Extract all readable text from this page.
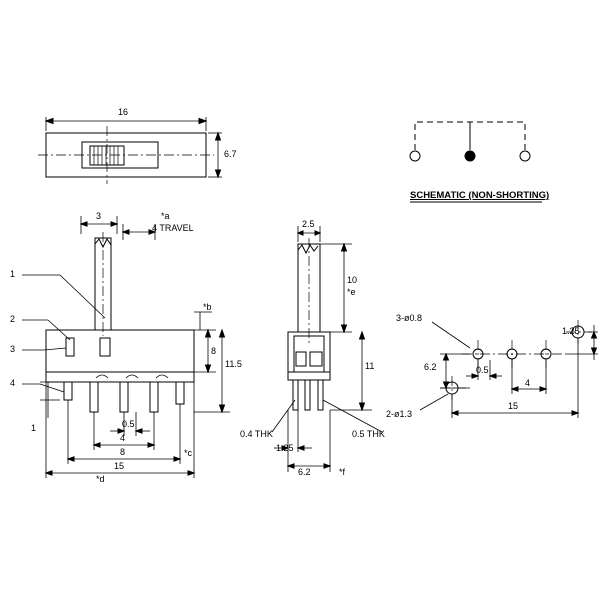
16
6.7
SCHEMATIC (NON-SHORTING)
3	*a
4 TRAVEL
1
2
3
4
*b
8
11.5
1	0.5
4
8	*c
15
*d
2.5
10
*e
11
0.4 THK	0.5 THK
1.25
6.2	*f
3-ø0.8
2-ø1.3
1.25
6.2	0.5
4
15
